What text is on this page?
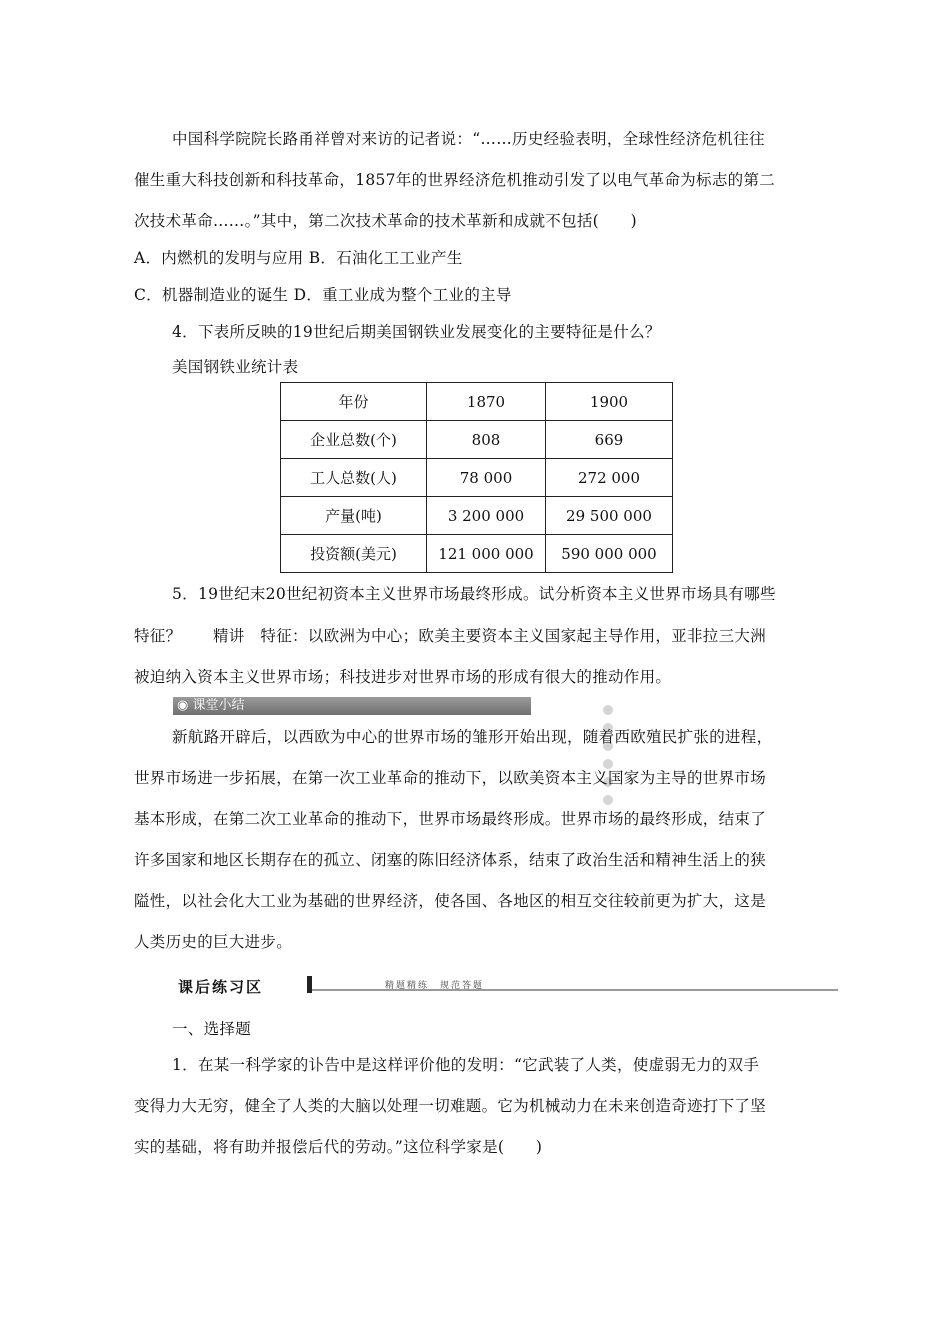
中国科学院院长路甬祥曾对来访的记者说：“……历史经验表明，全球性经济危机往往
催生重大科技创新和科技革命，1857年的世界经济危机推动引发了以电气革命为标志的第二
次技术革命……。”其中，第二次技术革命的技术革新和成就不包括(　　)
A．内燃机的发明与应用 B．石油化工工业产生
C．机器制造业的诞生 D．重工业成为整个工业的主导
4．下表所反映的19世纪后期美国钢铁业发展变化的主要特征是什么？
美国钢铁业统计表
年份	1870	1900
企业总数(个)	808	669
工人总数(人)	78 000	272 000
产量(吨)	3 200 000	29 500 000
投资额(美元)	121 000 000	590 000 000
5．19世纪末20世纪初资本主义世界市场最终形成。试分析资本主义世界市场具有哪些
特征？　　精讲　特征：以欧洲为中心；欧美主要资本主义国家起主导作用，亚非拉三大洲
被迫纳入资本主义世界市场；科技进步对世界市场的形成有很大的推动作用。
◉ 课堂小结
新航路开辟后，以西欧为中心的世界市场的雏形开始出现，随着西欧殖民扩张的进程，
世界市场进一步拓展，在第一次工业革命的推动下，以欧美资本主义国家为主导的世界市场
基本形成，在第二次工业革命的推动下，世界市场最终形成。世界市场的最终形成，结束了
许多国家和地区长期存在的孤立、闭塞的陈旧经济体系，结束了政治生活和精神生活上的狭
隘性，以社会化大工业为基础的世界经济，使各国、各地区的相互交往较前更为扩大，这是
人类历史的巨大进步。
课后练习区	精题精练　规范答题
一、选择题
1．在某一科学家的讣告中是这样评价他的发明：“它武装了人类，使虚弱无力的双手
变得力大无穷，健全了人类的大脑以处理一切难题。它为机械动力在未来创造奇迹打下了坚
实的基础，将有助并报偿后代的劳动。”这位科学家是(　　)
